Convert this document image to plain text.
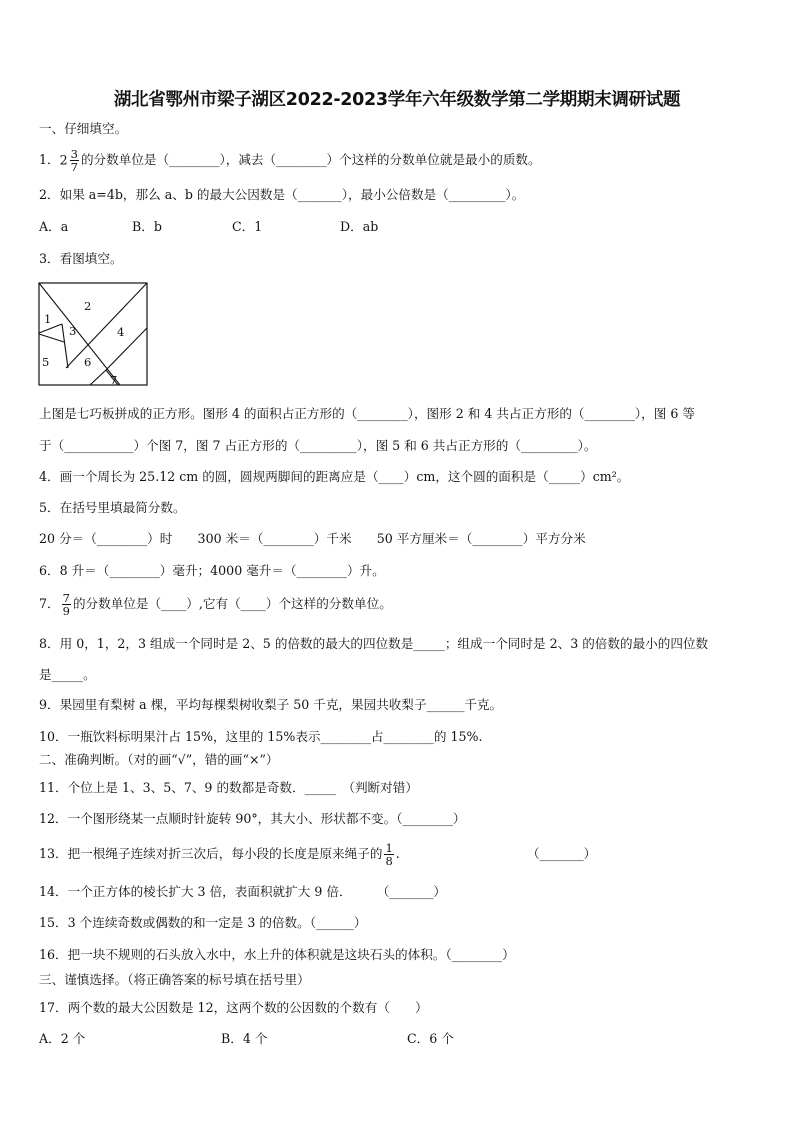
湖北省鄂州市梁子湖区2022-2023学年六年级数学第二学期期末调研试题
一、仔细填空。
1．$2 \frac{3}{7}$ 的分数单位是（________），减去（________）个这样的分数单位就是最小的质数。
2．如果 a=4b，那么 a、b 的最大公因数是（_______），最小公倍数是（_________）。
A．a	B．b	C．1	D．ab
3．看图填空。
2
1
3	4
5	6
7
上图是七巧板拼成的正方形。图形 4 的面积占正方形的（________），图形 2 和 4 共占正方形的（________），图 6 等
于（___________）个图 7，图 7 占正方形的（_________），图 5 和 6 共占正方形的（_________）。
4．画一个周长为 25.12 cm 的圆，圆规两脚间的距离应是（____）cm，这个圆的面积是（_____）cm²。
5．在括号里填最简分数。
20 分＝（________）时　　300 米＝（________）千米　　50 平方厘米＝（________）平方分米
6．8 升＝（________）毫升；4000 毫升＝（________）升。
7． $\frac{7}{9}$ 的分数单位是（____）,它有（____）个这样的分数单位。
8．用 0，1，2，3 组成一个同时是 2、5 的倍数的最大的四位数是_____；组成一个同时是 2、3 的倍数的最小的四位数
是_____。
9．果园里有梨树 a 棵，平均每棵梨树收梨子 50 千克，果园共收梨子______千克。
10．一瓶饮料标明果汁占 15%，这里的 15%表示________占________的 15%.
二、准确判断。（对的画“√”，错的画“×”）
11．个位上是 1、3、5、7、9 的数都是奇数．_____　（判断对错）
12．一个图形绕某一点顺时针旋转 90°，其大小、形状都不变。（________）
13．把一根绳子连续对折三次后，每小段的长度是原来绳子的 $\frac{1}{8}$ .	（_______）
14．一个正方体的棱长扩大 3 倍，表面积就扩大 9 倍．　　　（_______）
15．3 个连续奇数或偶数的和一定是 3 的倍数。（______）
16．把一块不规则的石头放入水中，水上升的体积就是这块石头的体积。（________）
三、谨慎选择。（将正确答案的标号填在括号里）
17．两个数的最大公因数是 12，这两个数的公因数的个数有（　　）
A．2 个	B．4 个	C．6 个
